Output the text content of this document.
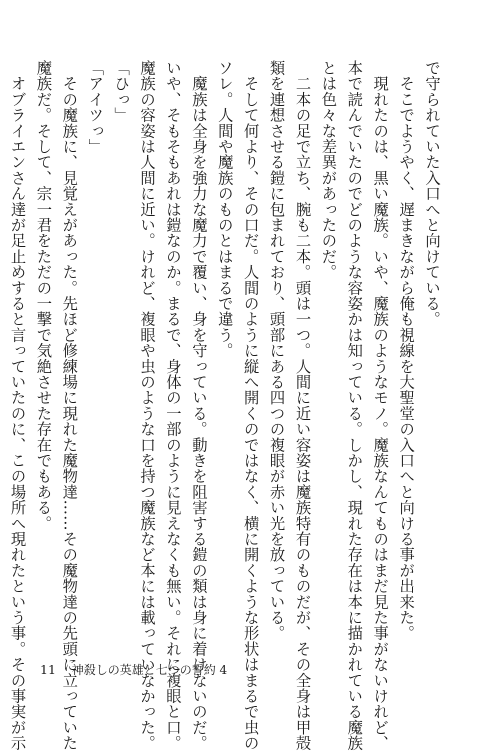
で守られていた入口へと向けている。

　そこでようやく、遅まきながら俺も視線を大聖堂の入口へと向ける事が出来た。

　現れたのは、黒い魔族。いや、魔族のようなモノ。魔族なんてものはまだ見た事がないけれど、

本で読んでいたのでどのような容姿かは知っている。しかし、現れた存在は本に描かれている魔族

とは色々な差異があったのだ。

　二本の足で立ち、腕も二本。頭は一つ。人間に近い容姿は魔族特有のものだが、その全身は甲殻

類を連想させる鎧に包まれており、頭部にある四つの複眼が赤い光を放っている。

　そして何より、その口だ。人間のように縦へ開くのではなく、横に開くような形状はまるで虫の

ソレ。人間や魔族のものとはまるで違う。

　魔族は全身を強力な魔力で覆い、身を守っている。動きを阻害する鎧の類は身に着けないのだ。

いや、そもそもあれは鎧なのか。まるで、身体の一部のように見えなくも無い。それに複眼と口。

魔族の容姿は人間に近い。けれど、複眼や虫のような口を持つ魔族など本には載っていなかった。

「ひっ」

「アイツっ」

　その魔族に、見覚えがあった。先ほど修練場に現れた魔物達……その魔物達の先頭に立っていた

魔族だ。そして、宗一君をただの一撃で気絶させた存在でもある。

　オブライエンさん達が足止めすると言っていたのに、この場所へ現れたという事。その事実が示 11 神殺しの英雄と七つの誓約 4
